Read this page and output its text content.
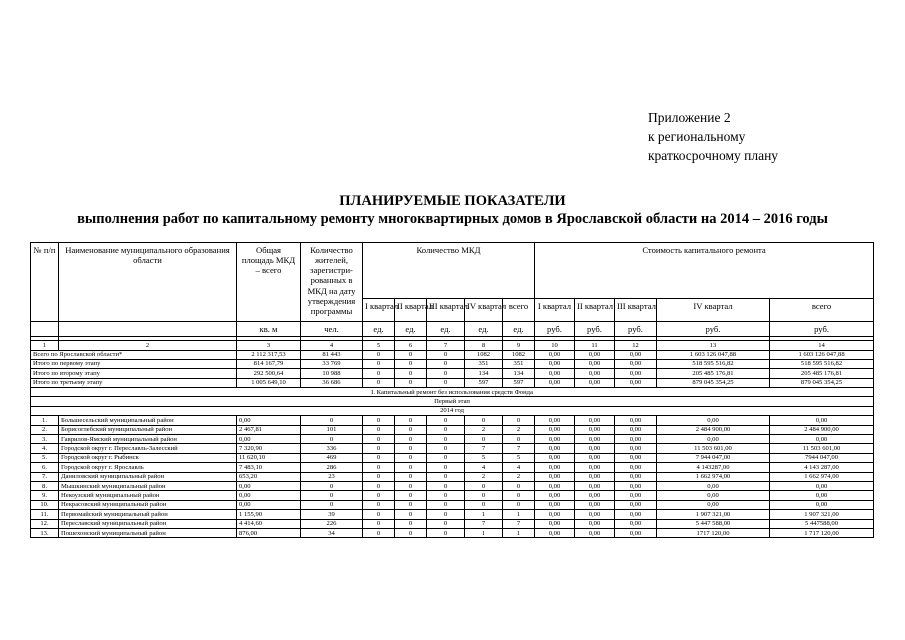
Приложение 2
к региональному
краткосрочному плану
ПЛАНИРУЕМЫЕ ПОКАЗАТЕЛИ
выполнения работ по капитальному ремонту многоквартирных домов в Ярославской области на 2014 – 2016 годы
№ п/п	Наименование муниципального образования области	Общая площадь МКД – всего	Количество жителей, зарегистри-рованных в МКД на дату утверждения программы	Количество МКД					Стоимость капитального ремонта				
				I квартал	II квартал	III квартал	IV квартал	всего	I квартал	II квартал	III квартал	IV квартал	всего
		кв. м	чел.	ед.	ед.	ед.	ед.	ед.	руб.	руб.	руб.	руб.	руб.

1	2	3	4	5	6	7	8	9	10	11	12	13	14
Всего по Ярославской области*		2 112 317,53	81 443	0	0	0	1082	1082	0,00	0,00	0,00	1 603 126 047,88	1 603 126 047,88
Итого по первому этапу		814 167,79	33 769	0	0	0	351	351	0,00	0,00	0,00	518 595 516,82	518 595 516,82
Итого по второму этапу		292 500,64	10 988	0	0	0	134	134	0,00	0,00	0,00	205 485 176,81	205 485 176,81
Итого по третьему этапу		1 005 649,10	36 686	0	0	0	597	597	0,00	0,00	0,00	879 045 354,25	879 045 354,25
I. Капитальный ремонт без использования средств Фонда													
Первый этап													
2014 год													
1.	Большесельский муниципальный район	0,00	0	0	0	0	0	0	0,00	0,00	0,00	0,00	0,00
2.	Борисоглебский муниципальный район	2 467,81	101	0	0	0	2	2	0,00	0,00	0,00	2 484 900,00	2 484 900,00
3.	Гаврилов-Ямский муниципальный район	0,00	0	0	0	0	0	0	0,00	0,00	0,00	0,00	0,00
4.	Городской округ г. Переславль-Залесский	7 320,90	336	0	0	0	7	7	0,00	0,00	0,00	11 503 601,00	11 503 601,00
5.	Городской округ г. Рыбинск	11 620,10	469	0	0	0	5	5	0,00	0,00	0,00	7 944 047,00	7944 047,00
6.	Городской округ г. Ярославль	7 483,10	286	0	0	0	4	4	0,00	0,00	0,00	4 143287,00	4 143 287,00
7.	Даниловский муниципальный район	653,20	23	0	0	0	2	2	0,00	0,00	0,00	1 662 974,00	1 662 974,00
8.	Мышкинский муниципальный район	0,00	0	0	0	0	0	0	0,00	0,00	0,00	0,00	0,00
9.	Некоузский муниципальный район	0,00	0	0	0	0	0	0	0,00	0,00	0,00	0,00	0,00
10.	Некрасовский муниципальный район	0,00	0	0	0	0	0	0	0,00	0,00	0,00	0,00	0,00
11.	Первомайский муниципальный район	1 155,90	39	0	0	0	1	1	0,00	0,00	0,00	1 907 321,00	1 907 321,00
12.	Переславский муниципальный район	4 414,60	226	0	0	0	7	7	0,00	0,00	0,00	5 447 588,00	5 447588,00
13.	Пошехонский муниципальный район	876,00	34	0	0	0	1	1	0,00	0,00	0,00	1717 120,00	1 717 120,00
